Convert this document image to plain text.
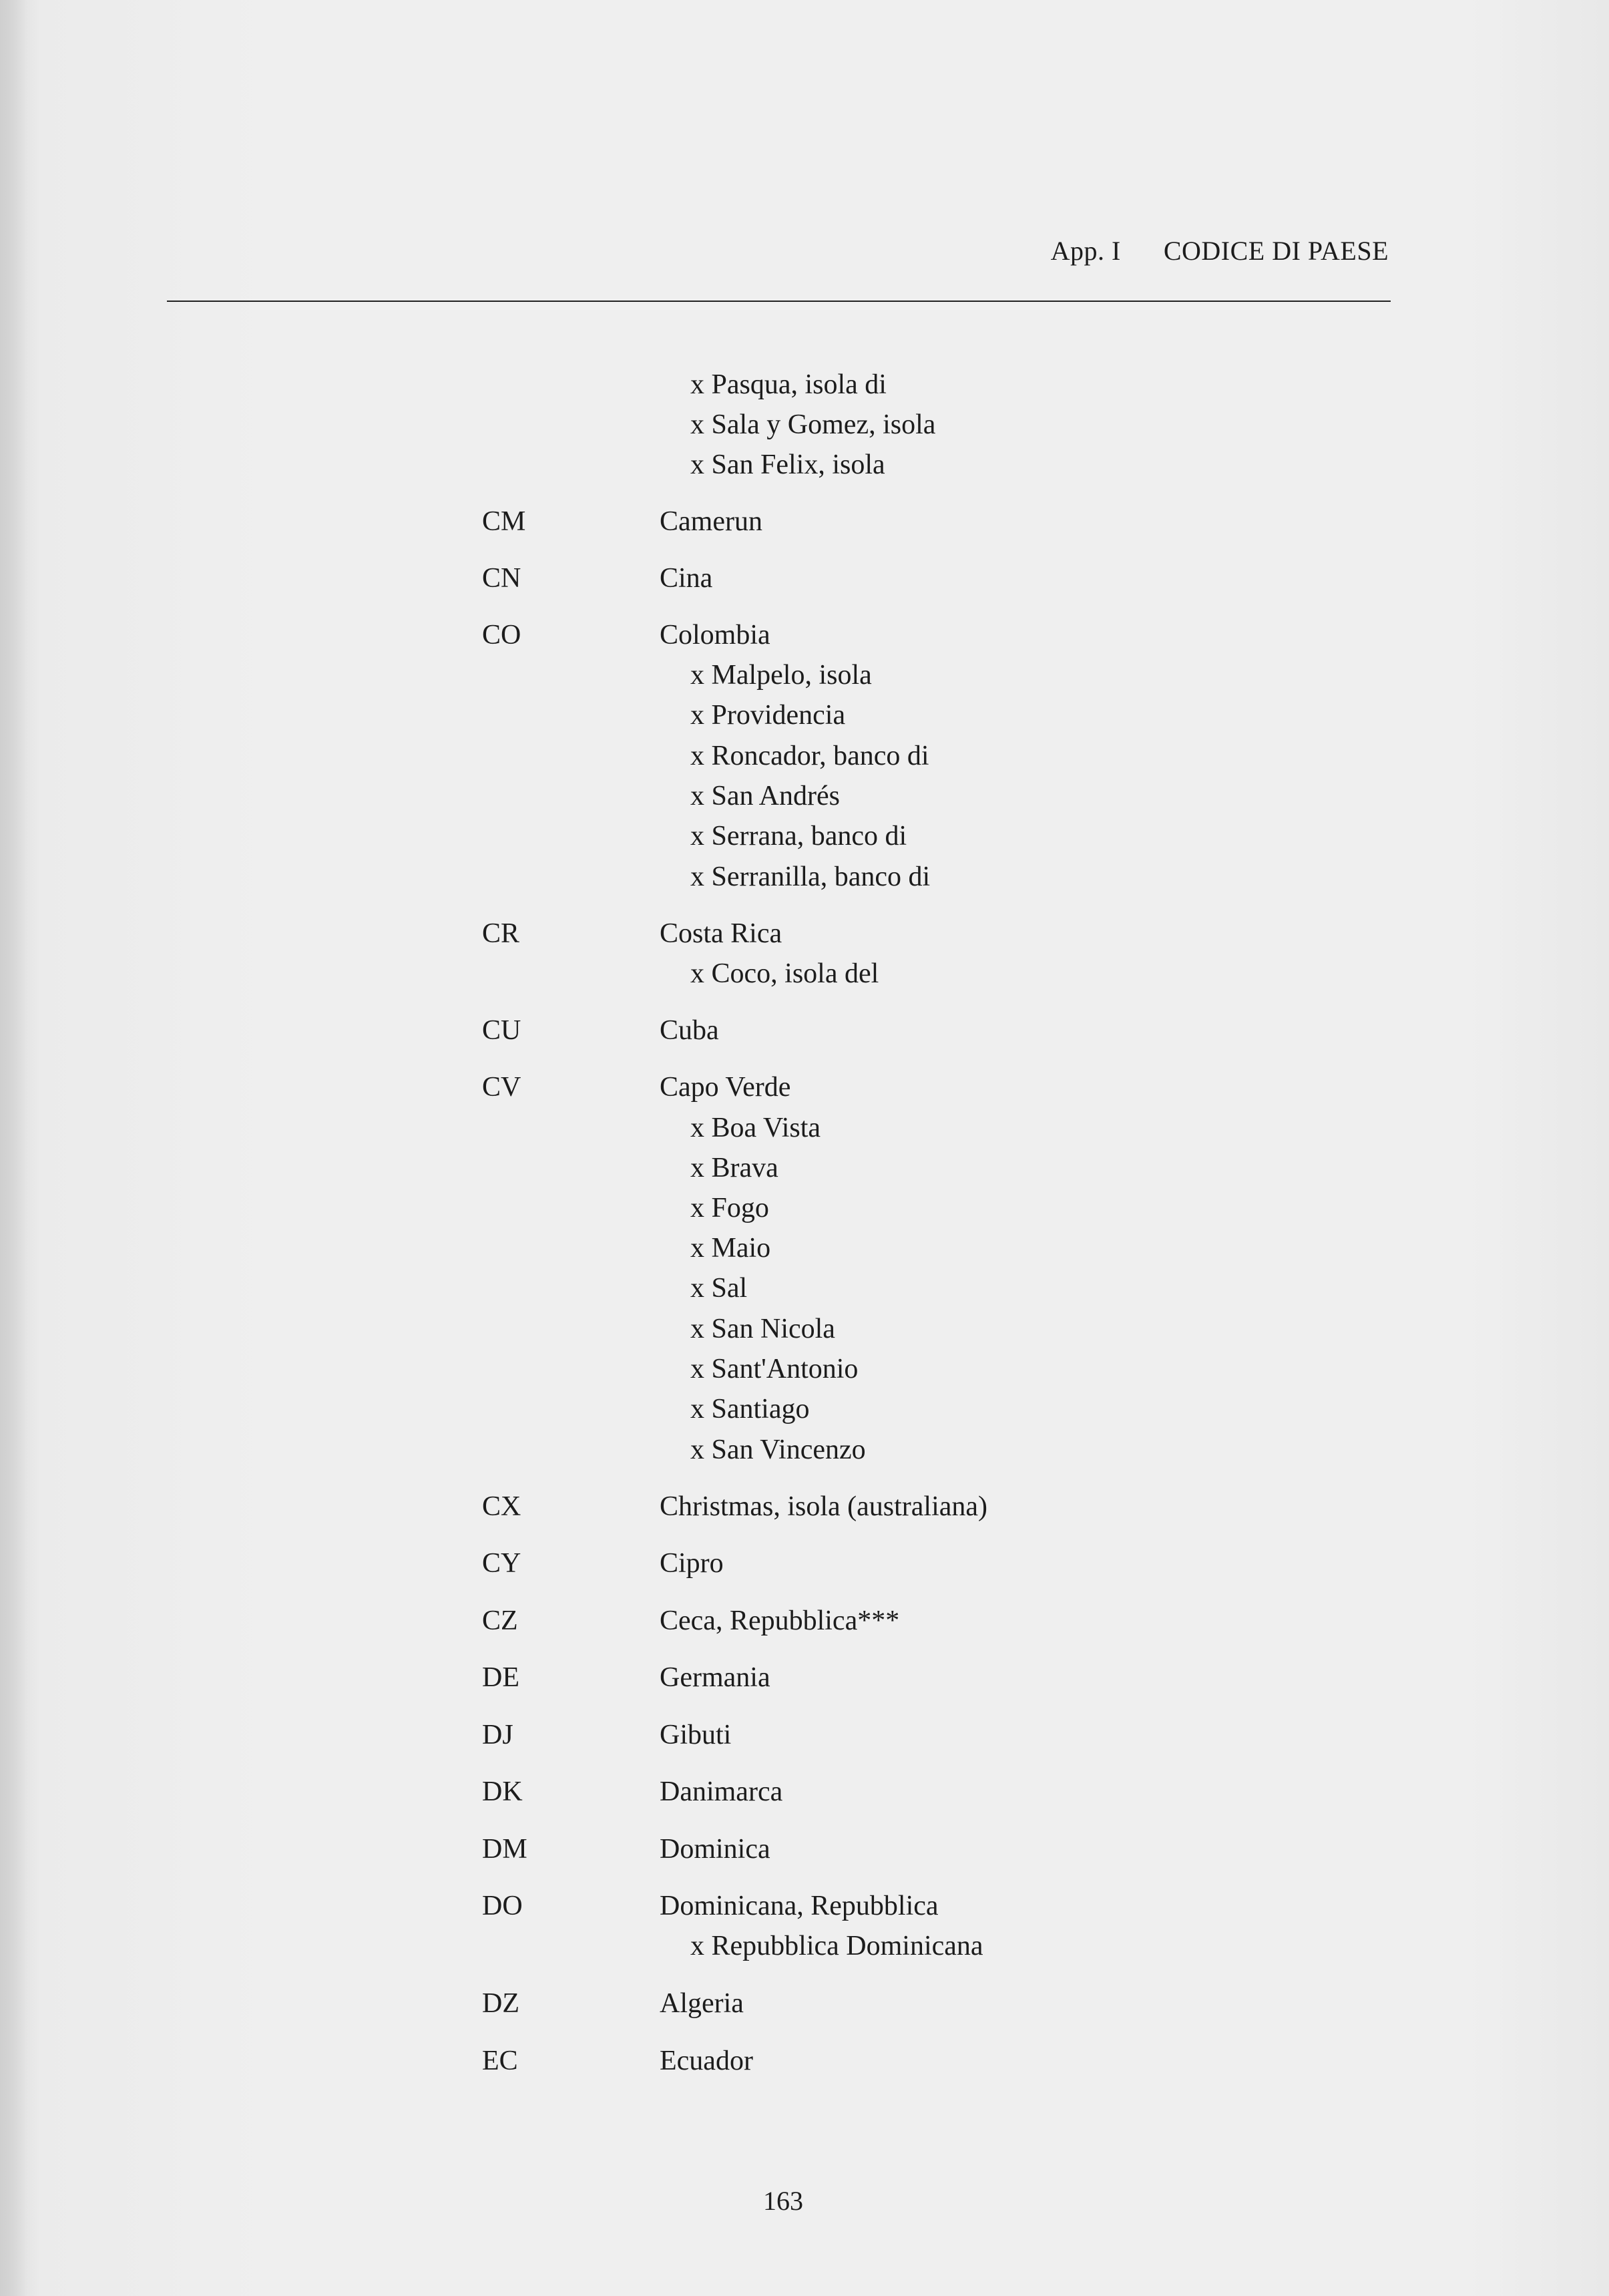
App. I CODICE DI PAESE
x Pasqua, isola di
x Sala y Gomez, isola
x San Felix, isola
CM	Camerun
CN	Cina
CO	Colombia
x Malpelo, isola
x Providencia
x Roncador, banco di
x San Andrés
x Serrana, banco di
x Serranilla, banco di
CR	Costa Rica
x Coco, isola del
CU	Cuba
CV	Capo Verde
x Boa Vista
x Brava
x Fogo
x Maio
x Sal
x San Nicola
x Sant'Antonio
x Santiago
x San Vincenzo
CX	Christmas, isola (australiana)
CY	Cipro
CZ	Ceca, Repubblica***
DE	Germania
DJ	Gibuti
DK	Danimarca
DM	Dominica
DO	Dominicana, Repubblica
x Repubblica Dominicana
DZ	Algeria
EC	Ecuador
163
